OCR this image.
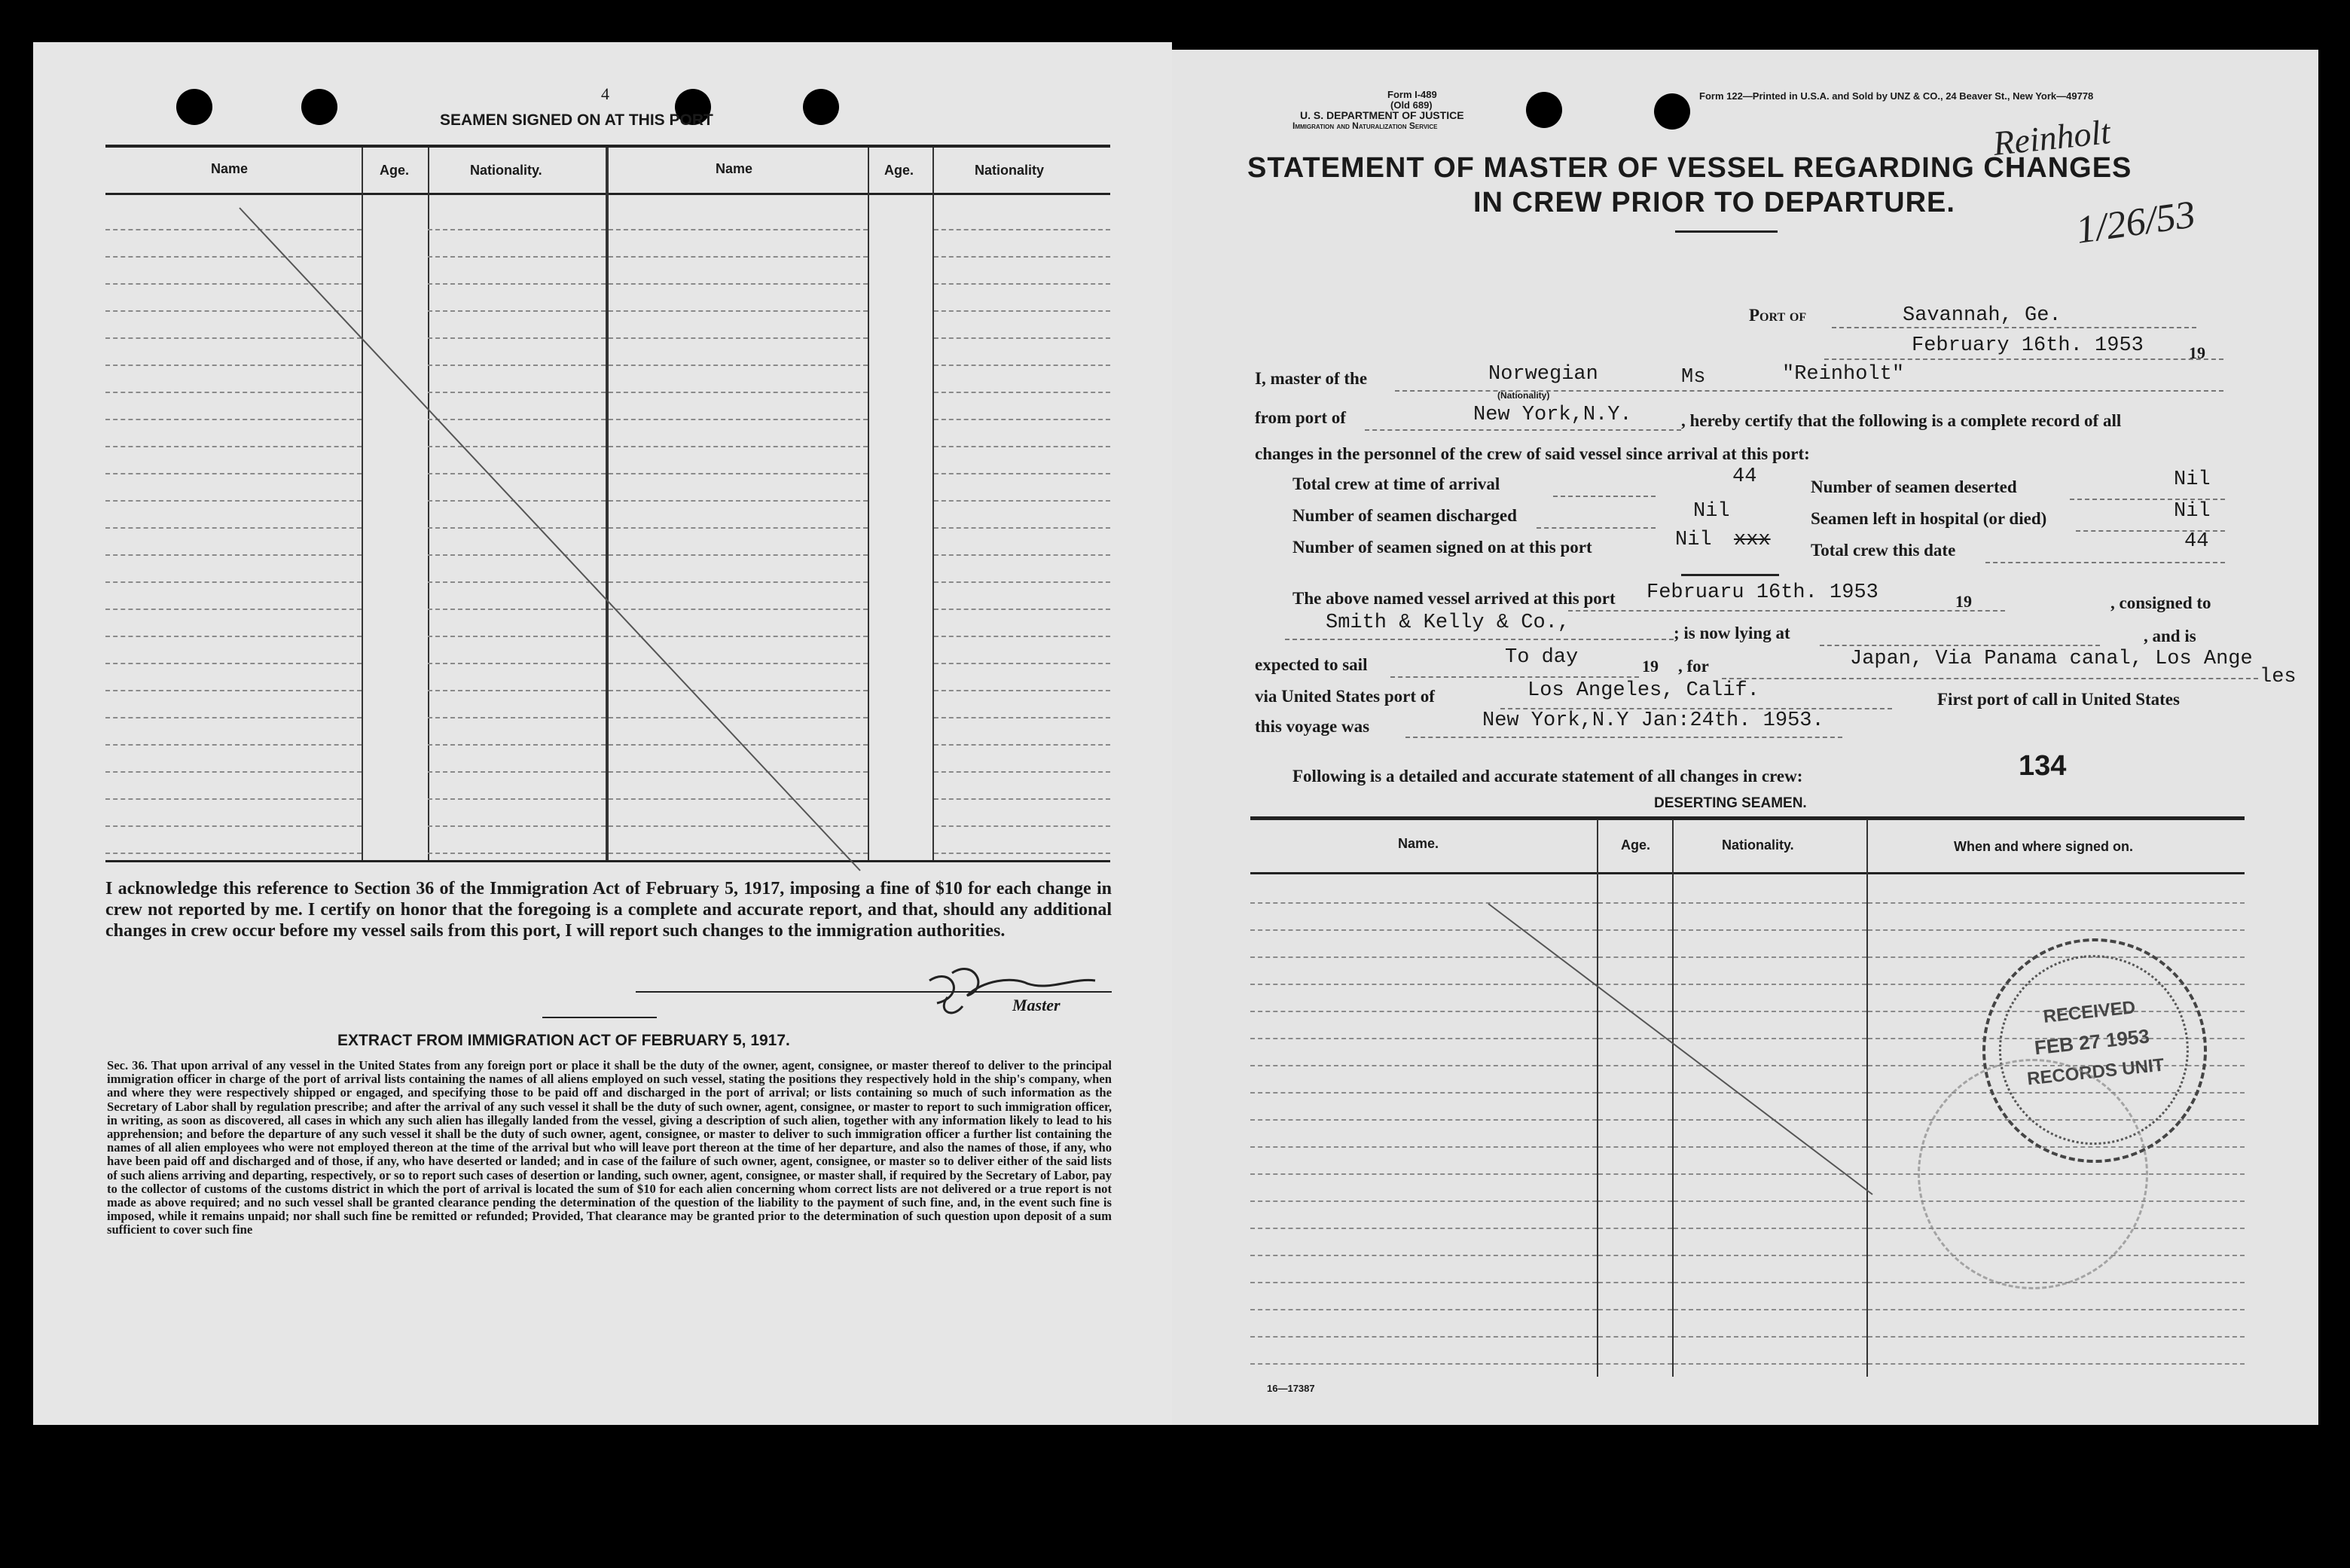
4
SEAMEN SIGNED ON AT THIS PORT
Name	Age.	Nationality.	Name	Age.	Nationality
I acknowledge this reference to Section 36 of the Immigration Act of February 5, 1917, imposing a fine of $10 for each change in crew not reported by me. I certify on honor that the foregoing is a complete and accurate report, and that, should any additional changes in crew occur before my vessel sails from this port, I will report such changes to the immigration authorities.
Master
EXTRACT FROM IMMIGRATION ACT OF FEBRUARY 5, 1917.
Sec. 36. That upon arrival of any vessel in the United States from any foreign port or place it shall be the duty of the owner, agent, consignee, or master thereof to deliver to the principal immigration officer in charge of the port of arrival lists containing the names of all aliens employed on such vessel, stating the positions they respectively hold in the ship's company, when and where they were respectively shipped or engaged, and specifying those to be paid off and discharged in the port of arrival; or lists containing so much of such information as the Secretary of Labor shall by regulation prescribe; and after the arrival of any such vessel it shall be the duty of such owner, agent, consignee, or master to report to such immigration officer, in writing, as soon as discovered, all cases in which any such alien has illegally landed from the vessel, giving a description of such alien, together with any information likely to lead to his apprehension; and before the departure of any such vessel it shall be the duty of such owner, agent, consignee, or master to deliver to such immigration officer a further list containing the names of all alien employees who were not employed thereon at the time of the arrival but who will leave port thereon at the time of her departure, and also the names of those, if any, who have been paid off and discharged and of those, if any, who have deserted or landed; and in case of the failure of such owner, agent, consignee, or master so to deliver either of the said lists of such aliens arriving and departing, respectively, or so to report such cases of desertion or landing, such owner, agent, consignee, or master shall, if required by the Secretary of Labor, pay to the collector of customs of the customs district in which the port of arrival is located the sum of $10 for each alien concerning whom correct lists are not delivered or a true report is not made as above required; and no such vessel shall be granted clearance pending the determination of the question of the liability to the payment of such fine, and, in the event such fine is imposed, while it remains unpaid; nor shall such fine be remitted or refunded; Provided, That clearance may be granted prior to the determination of such question upon deposit of a sum sufficient to cover such fine
Form I-489
(Old 689)
U. S. DEPARTMENT OF JUSTICE
Immigration and Naturalization Service
Form 122—Printed in U.S.A. and Sold by UNZ & CO., 24 Beaver St., New York—49778
Reinholt
1/26/53
STATEMENT OF MASTER OF VESSEL REGARDING CHANGES
IN CREW PRIOR TO DEPARTURE.
Port of	Savannah, Ge.
February 16th. 1953	19
I, master of the	Norwegian
(Nationality)
Ms	"Reinholt"
from port of	New York,N.Y.	, hereby certify that the following is a complete record of all
changes in the personnel of the crew of said vessel since arrival at this port:
Total crew at time of arrival	44
Number of seamen discharged	Nil
Number of seamen signed on at this port	Nil xxx
Number of seamen deserted	Nil
Seamen left in hospital (or died)	Nil
Total crew this date	44
The above named vessel arrived at this port Februaru 16th. 1953	19	, consigned to
Smith & Kelly & Co.,	; is now lying at	, and is
expected to sail	To day	19 , for	Japan, Via Panama canal, Los Ange
les
via United States port of	Los Angeles, Calif.	First port of call in United States
this voyage was	New York,N.Y Jan:24th. 1953.
Following is a detailed and accurate statement of all changes in crew:	134
DESERTING SEAMEN.
Name.	Age.	Nationality.	When and where signed on.
RECEIVED
FEB 27 1953
RECORDS UNIT
16—17387
